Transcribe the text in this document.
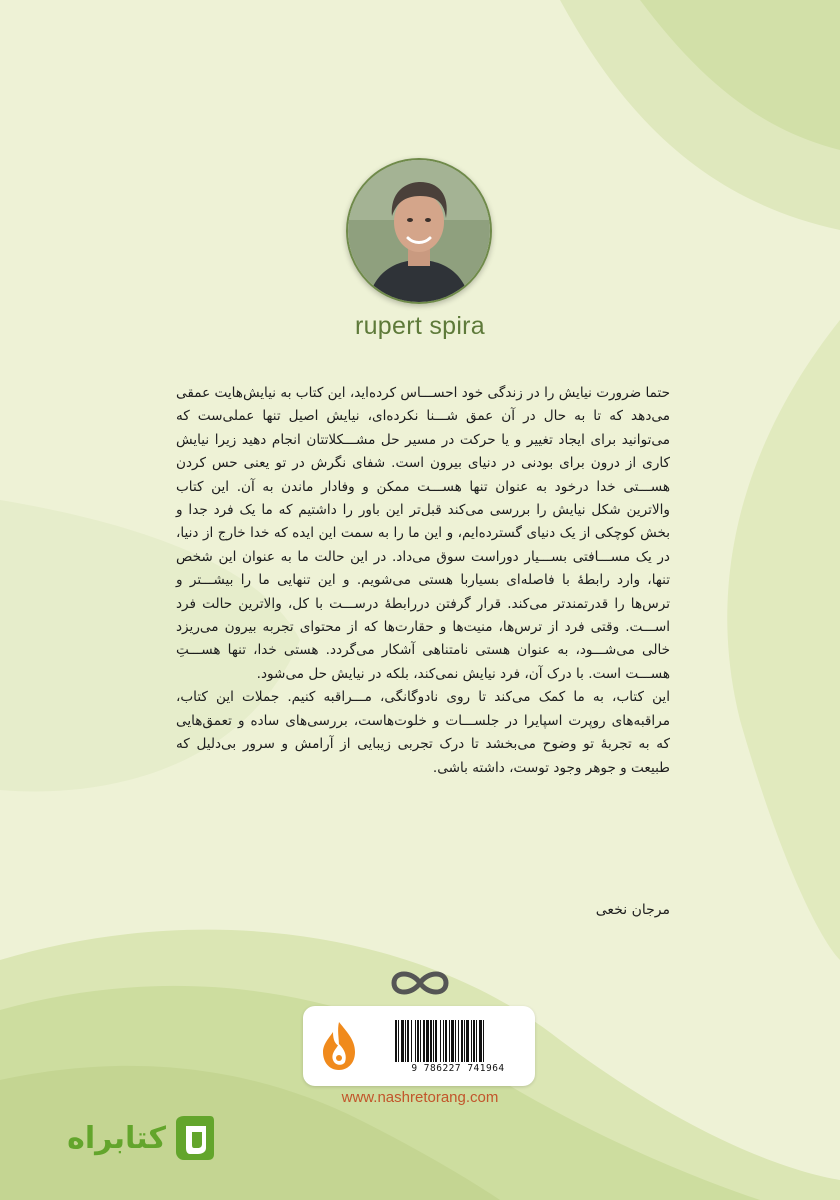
rupert spira

حتما ضرورت نیایش را در زندگی خود احســـاس کرده‌اید، این کتاب به نیایش‌هایت عمقی می‌دهد که تا به حال در آن عمق شـــنا نکرده‌ای، نیایش اصیل تنها عملی‌ست که می‌توانید برای ایجاد تغییر و یا حرکت در مسیر حل مشـــکلاتتان انجام دهید زیرا نیایش کاری از درون برای بودنی در دنیای بیرون است. شفای نگرش در تو یعنی حس کردن هســـتی خدا درخود به عنوان تنها هســـت ممکن و وفادار ماندن به آن. این کتاب والاترین شکل نیایش را بررسی می‌کند قبل‌تر این باور را داشتیم که ما یک فرد جدا و بخش کوچکی از یک دنیای گسترده‌ایم، و این ما را به سمت این ایده که خدا خارج از دنیا، در یک مســـافتی بســـیار دوراست سوق می‌داد. در این حالت ما به عنوان این شخص تنها، وارد رابطهٔ با فاصله‌ای بسیاربا هستی می‌شویم. و این تنهایی ما را بیشـــتر و ترس‌ها را قدرتمندتر می‌کند. قرار گرفتن دررابطهٔ درســـت با کل، والاترین حالت فرد اســـت. وقتی فرد از ترس‌ها، منیت‌ها و حقارت‌ها که از محتوای تجربه بیرون می‌ریزد خالی می‌شـــود، به عنوان هستی نامتناهی آشکار می‌گردد. هستی خدا، تنها هســـتِ هســـت است. با درک آن، فرد نیایش نمی‌کند، بلکه در نیایش حل می‌شود.

این کتاب، به ما کمک می‌کند تا روی نادوگانگی، مـــراقبه کنیم. جملات این کتاب، مراقبه‌های روپرت اسپایرا در جلســـات و خلوت‌هاست، بررسی‌های ساده و تعمق‌هایی که به تجربهٔ تو وضوح می‌بخشد تا درک تجربی زیبایی از آرامش و سرور بی‌دلیل که طبیعت و جوهر وجود توست، داشته باشی.

مرجان نخعی
9 786227 741964
www.nashretorang.com
کتابراه
